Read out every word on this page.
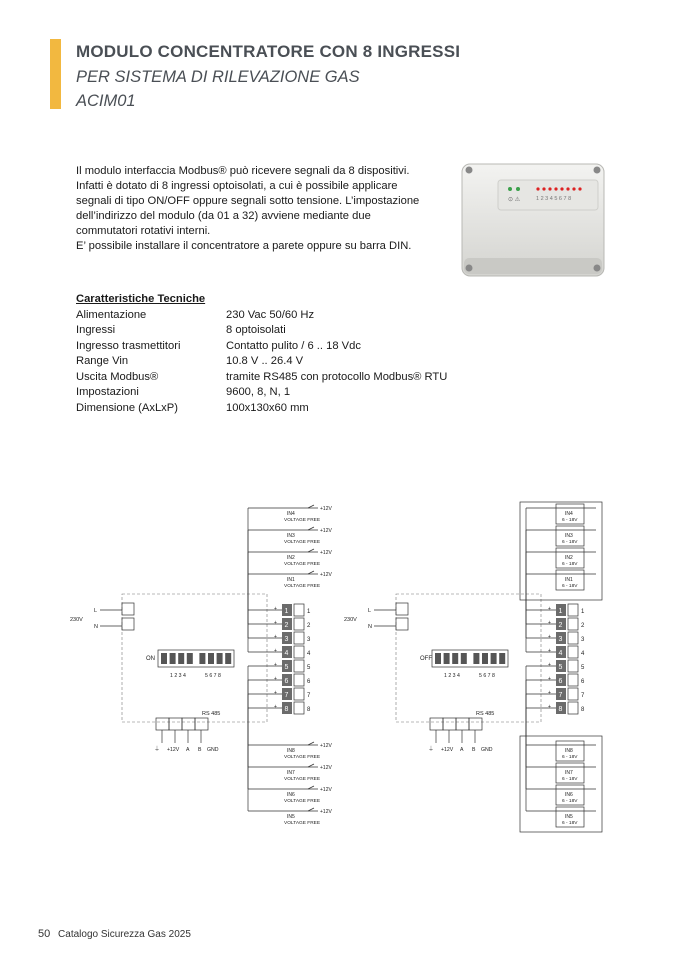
MODULO CONCENTRATORE CON 8 INGRESSI
PER SISTEMA DI RILEVAZIONE GAS
ACIM01

Il modulo interfaccia Modbus® può ricevere segnali da 8 dispositivi.

Infatti è dotato di 8 ingressi optoisolati, a cui è possibile applicare

segnali di tipo ON/OFF oppure segnali sotto tensione. L’impostazione

dell’indirizzo del modulo (da 01 a 32) avviene mediante due

commutatori rotativi interni.

E’ possibile installare il concentratore a parete oppure su barra DIN.

⊙ ⚠	1 2 3 4 5 6 7 8
Caratteristiche Tecniche
Alimentazione	230 Vac 50/60 Hz
Ingressi	8 optoisolati
Ingresso trasmettitori	Contatto pulito / 6 .. 18 Vdc
Range Vin	10.8 V .. 26.4 V
Uscita Modbus®	tramite RS485 con protocollo Modbus® RTU
Impostazioni	9600, 8, N, 1
Dimensione (AxLxP)	100x130x60 mm
L
N
230V
ON
1 2 3 4	5 6 7 8
RS 485
+12V A B GND
⏚
1	1
+
2	2
+
3	3
+
4	4
+
5	5
+
6	6
+
7	7
+
8	8
+
IN4
VOLTAGE FREE
+12V
IN3
VOLTAGE FREE
+12V
IN2
VOLTAGE FREE
+12V
IN1
VOLTAGE FREE
+12V
IN8
VOLTAGE FREE
+12V
IN7
VOLTAGE FREE
+12V
IN6
VOLTAGE FREE
+12V
IN5
VOLTAGE FREE
+12V
L
N
230V
OFF
1 2 3 4	5 6 7 8
RS 485
+12V A B GND
⏚
1	1
+
2	2
+
3	3
+
4	4
+
5	5
+
6	6
+
7	7
+
8	8
+
IN4
6 - 18V
IN3
6 - 18V
IN2
6 - 18V
IN1
6 - 18V
IN8
6 - 18V
IN7
6 - 18V
IN6
6 - 18V
IN5
6 - 18V
50 Catalogo Sicurezza Gas 2025
